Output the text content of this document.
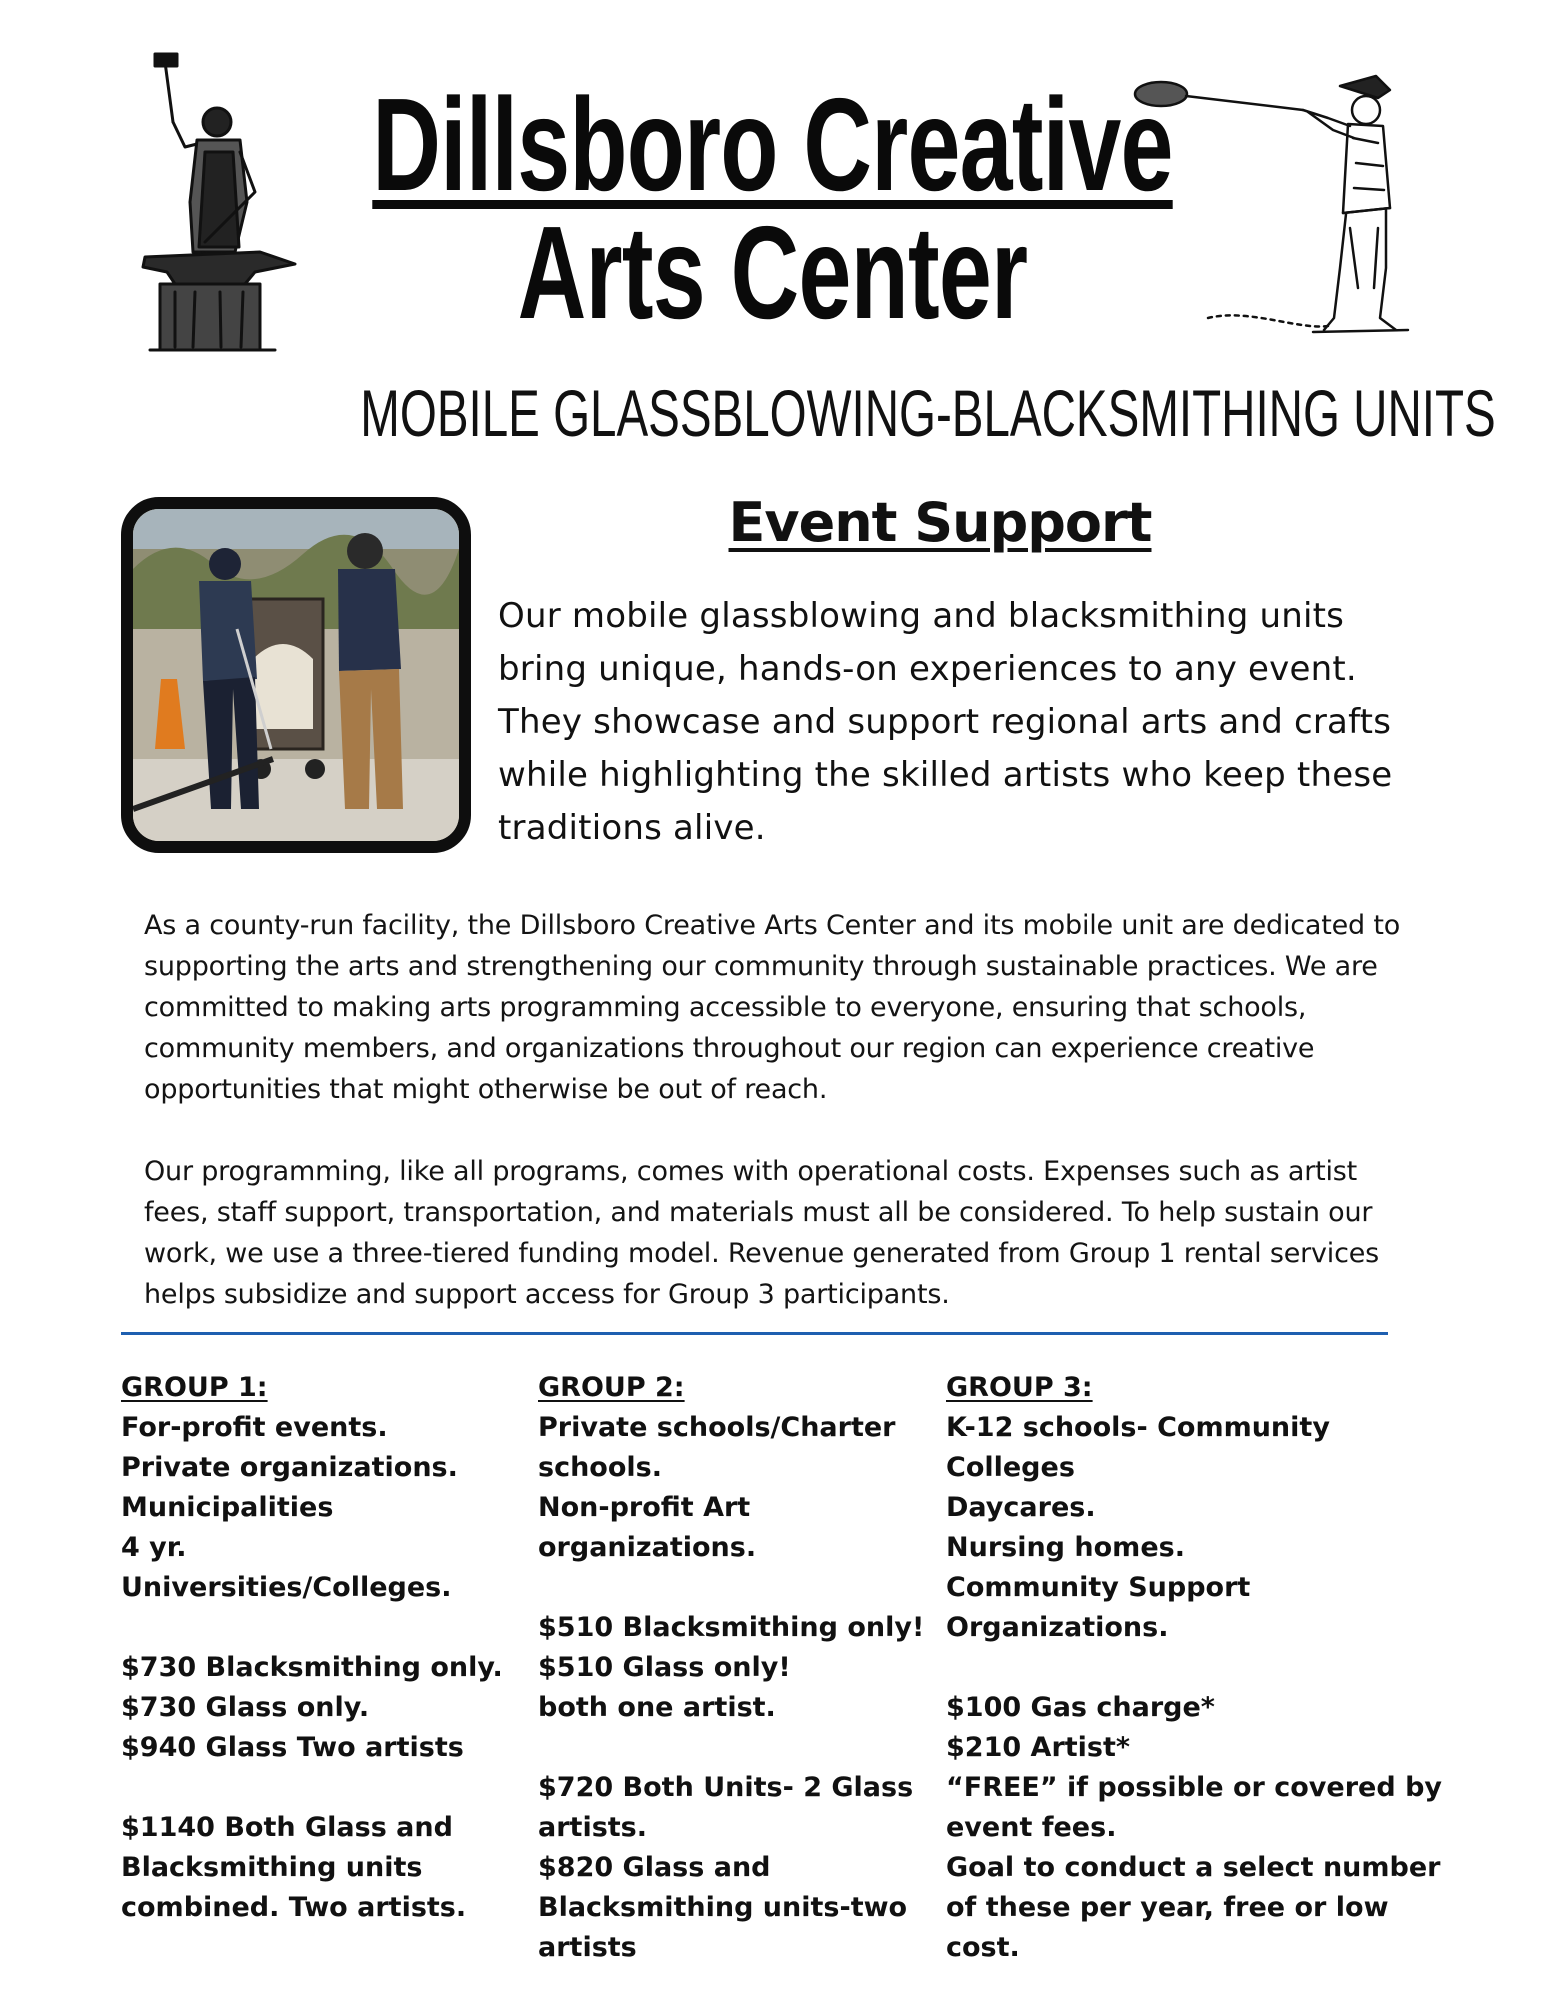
Dillsboro Creative
Arts Center
MOBILE GLASSBLOWING-BLACKSMITHING UNITS
Event Support
Our mobile glassblowing and blacksmithing units bring unique, hands-on experiences to any event. They showcase and support regional arts and crafts while highlighting the skilled artists who keep these traditions alive.

As a county-run facility, the Dillsboro Creative Arts Center and its mobile unit are dedicated to supporting the arts and strengthening our community through sustainable practices. We are committed to making arts programming accessible to everyone, ensuring that schools, community members, and organizations throughout our region can experience creative opportunities that might otherwise be out of reach.

Our programming, like all programs, comes with operational costs. Expenses such as artist fees, staff support, transportation, and materials must all be considered. To help sustain our work, we use a three-tiered funding model. Revenue generated from Group 1 rental services helps subsidize and support access for Group 3 participants.

GROUP 1:
For-profit events.
Private organizations.
Municipalities
4 yr.
Universities/Colleges.
$730 Blacksmithing only.
$730 Glass only.
$940 Glass Two artists
$1140 Both Glass and
Blacksmithing units
combined. Two artists.
GROUP 2:
Private schools/Charter
schools.
Non-profit Art
organizations.
$510 Blacksmithing only!
$510 Glass only!
both one artist.
$720 Both Units- 2 Glass
artists.
$820 Glass and
Blacksmithing units-two
artists
GROUP 3:
K-12 schools- Community
Colleges
Daycares.
Nursing homes.
Community Support
Organizations.
$100 Gas charge*
$210 Artist*
“FREE” if possible or covered by
event fees.
Goal to conduct a select number
of these per year, free or low
cost.
